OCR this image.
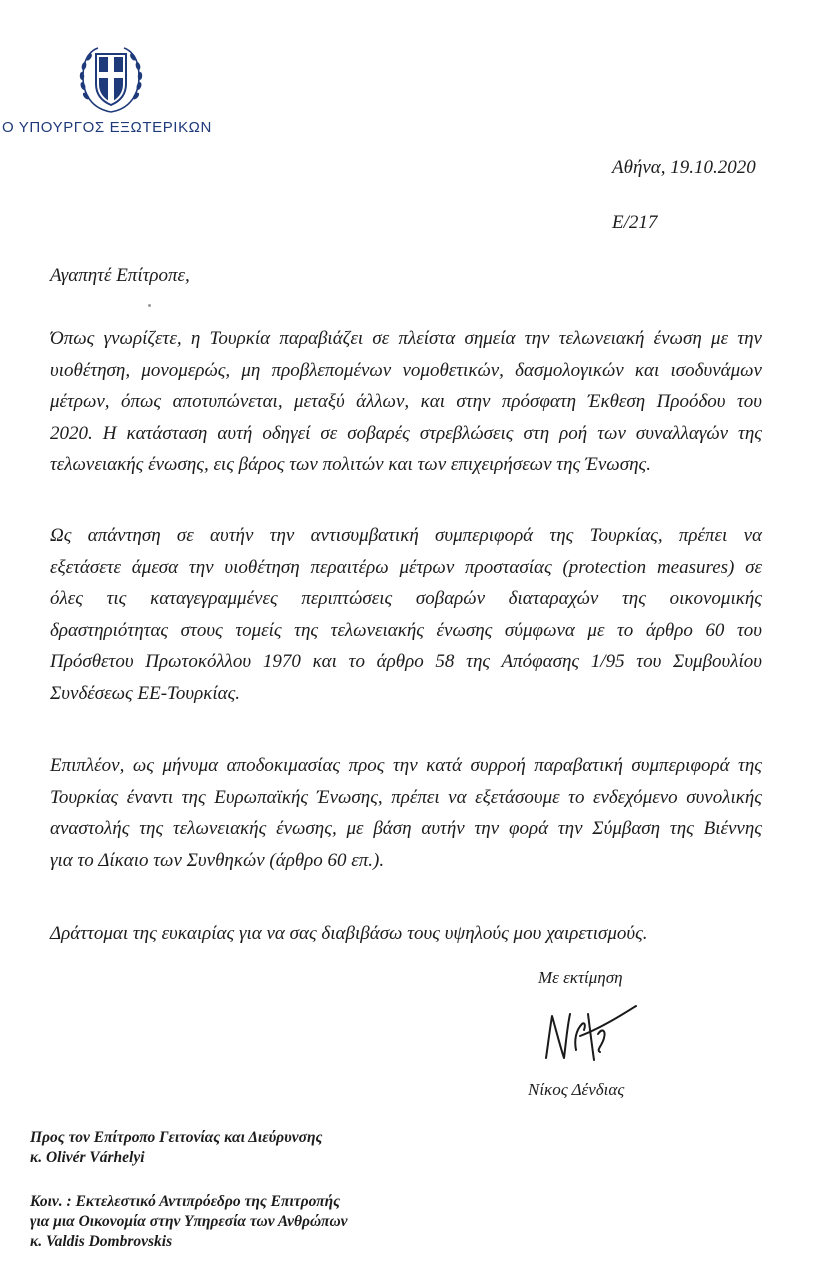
Ο ΥΠΟΥΡΓΟΣ ΕΞΩΤΕΡΙΚΩΝ
Αθήνα, 19.10.2020
Ε/217
Αγαπητέ Επίτροπε,
Όπως γνωρίζετε, η Τουρκία παραβιάζει σε πλείστα σημεία την τελωνειακή ένωση με την
υιοθέτηση, μονομερώς, μη προβλεπομένων νομοθετικών, δασμολογικών και ισοδυνάμων
μέτρων, όπως αποτυπώνεται, μεταξύ άλλων, και στην πρόσφατη Έκθεση Προόδου του
2020. Η κατάσταση αυτή οδηγεί σε σοβαρές στρεβλώσεις στη ροή των συναλλαγών της
τελωνειακής ένωσης, εις βάρος των πολιτών και των επιχειρήσεων της Ένωσης.
Ως απάντηση σε αυτήν την αντισυμβατική συμπεριφορά της Τουρκίας, πρέπει να
εξετάσετε άμεσα την υιοθέτηση περαιτέρω μέτρων προστασίας (protection measures) σε
όλες τις καταγεγραμμένες περιπτώσεις σοβαρών διαταραχών της οικονομικής
δραστηριότητας στους τομείς της τελωνειακής ένωσης σύμφωνα με το άρθρο 60 του
Πρόσθετου Πρωτοκόλλου 1970 και το άρθρο 58 της Απόφασης 1/95 του Συμβουλίου
Συνδέσεως ΕΕ-Τουρκίας.
Επιπλέον, ως μήνυμα αποδοκιμασίας προς την κατά συρροή παραβατική συμπεριφορά της
Τουρκίας έναντι της Ευρωπαϊκής Ένωσης, πρέπει να εξετάσουμε το ενδεχόμενο συνολικής
αναστολής της τελωνειακής ένωσης, με βάση αυτήν την φορά την Σύμβαση της Βιέννης
για το Δίκαιο των Συνθηκών (άρθρο 60 επ.).
Δράττομαι της ευκαιρίας για να σας διαβιβάσω τους υψηλούς μου χαιρετισμούς.
Με εκτίμηση
Νίκος Δένδιας
Προς τον Επίτροπο Γειτονίας και Διεύρυνσης
κ. Olivér Várhelyi
Κοιν. : Εκτελεστικό Αντιπρόεδρο της Επιτροπής
για μια Οικονομία στην Υπηρεσία των Ανθρώπων
κ. Valdis Dombrovskis
